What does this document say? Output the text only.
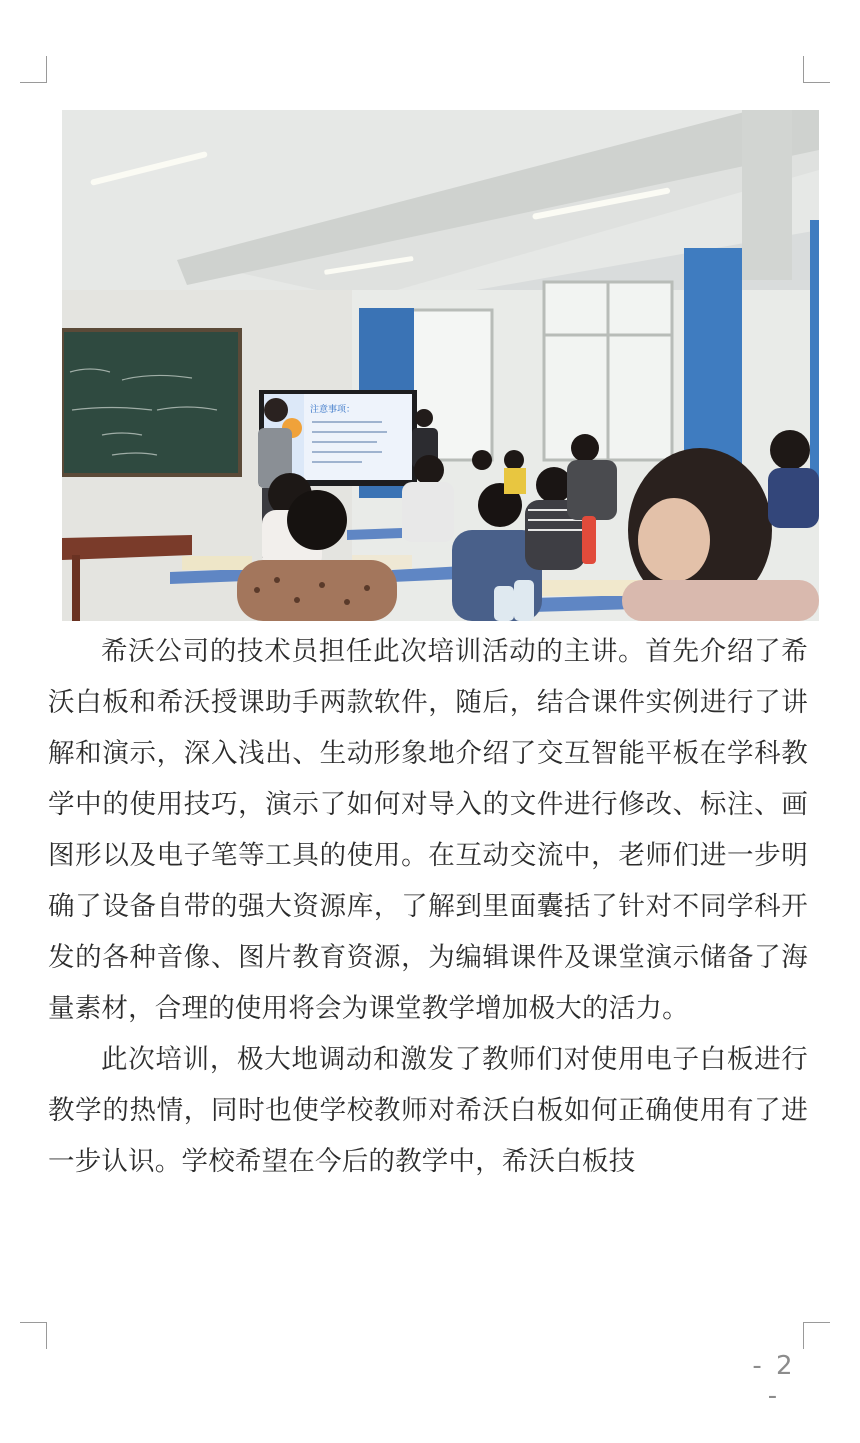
注意事项：

希沃公司的技术员担任此次培训活动的主讲。首先介绍了希沃白板和希沃授课助手两款软件，随后，结合课件实例进行了讲解和演示，深入浅出、生动形象地介绍了交互智能平板在学科教学中的使用技巧，演示了如何对导入的文件进行修改、标注、画图形以及电子笔等工具的使用。在互动交流中，老师们进一步明确了设备自带的强大资源库，了解到里面囊括了针对不同学科开发的各种音像、图片教育资源，为编辑课件及课堂演示储备了海量素材，合理的使用将会为课堂教学增加极大的活力。

此次培训，极大地调动和激发了教师们对使用电子白板进行教学的热情，同时也使学校教师对希沃白板如何正确使用有了进一步认识。学校希望在今后的教学中，希沃白板技

- 2 -
